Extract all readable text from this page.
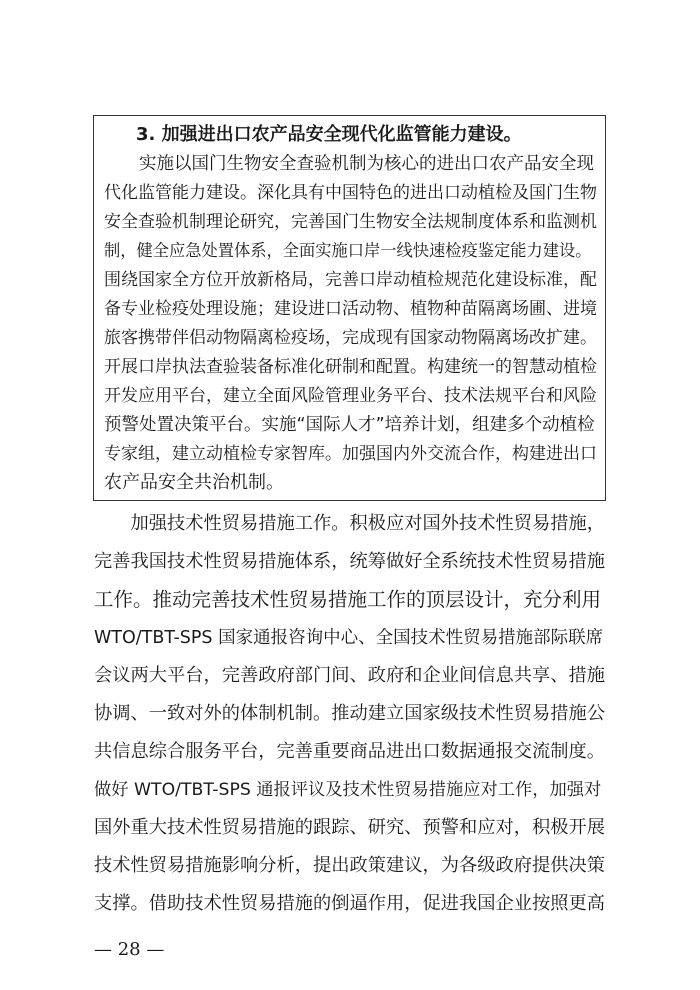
3. 加强进出口农产品安全现代化监管能力建设。

　　实施以国门生物安全查验机制为核心的进出口农产品安全现

代化监管能力建设。深化具有中国特色的进出口动植检及国门生物

安全查验机制理论研究，完善国门生物安全法规制度体系和监测机

制，健全应急处置体系，全面实施口岸一线快速检疫鉴定能力建设。

围绕国家全方位开放新格局，完善口岸动植检规范化建设标准，配

备专业检疫处理设施；建设进口活动物、植物种苗隔离场圃、进境

旅客携带伴侣动物隔离检疫场，完成现有国家动物隔离场改扩建。

开展口岸执法查验装备标准化研制和配置。构建统一的智慧动植检

开发应用平台，建立全面风险管理业务平台、技术法规平台和风险

预警处置决策平台。实施“国际人才”培养计划，组建多个动植检

专家组，建立动植检专家智库。加强国内外交流合作，构建进出口

农产品安全共治机制。

　　加强技术性贸易措施工作。积极应对国外技术性贸易措施，

完善我国技术性贸易措施体系，统筹做好全系统技术性贸易措施

工作。推动完善技术性贸易措施工作的顶层设计，充分利用

WTO/TBT-SPS 国家通报咨询中心、全国技术性贸易措施部际联席

会议两大平台，完善政府部门间、政府和企业间信息共享、措施

协调、一致对外的体制机制。推动建立国家级技术性贸易措施公

共信息综合服务平台，完善重要商品进出口数据通报交流制度。

做好 WTO/TBT-SPS 通报评议及技术性贸易措施应对工作，加强对

国外重大技术性贸易措施的跟踪、研究、预警和应对，积极开展

技术性贸易措施影响分析，提出政策建议，为各级政府提供决策

支撑。借助技术性贸易措施的倒逼作用，促进我国企业按照更高

— 28 —
